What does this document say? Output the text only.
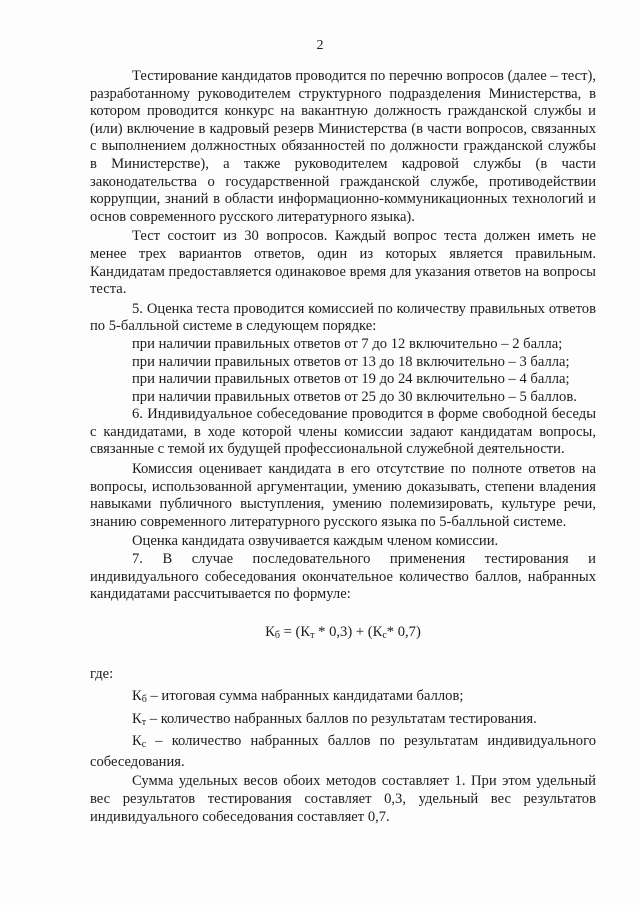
2

Тестирование кандидатов проводится по перечню вопросов (далее – тест), разработанному руководителем структурного подразделения Министерства, в котором проводится конкурс на вакантную должность гражданской службы и (или) включение в кадровый резерв Министерства (в части вопросов, связанных с выполнением должностных обязанностей по должности гражданской службы в Министерстве), а также руководителем кадровой службы (в части законодательства о государственной гражданской службе, противодействии коррупции, знаний в области информационно-коммуникационных технологий и основ современного русского литературного языка).

Тест состоит из 30 вопросов. Каждый вопрос теста должен иметь не менее трех вариантов ответов, один из которых является правильным. Кандидатам предоставляется одинаковое время для указания ответов на вопросы теста.

5. Оценка теста проводится комиссией по количеству правильных ответов по 5-балльной системе в следующем порядке:

при наличии правильных ответов от 7 до 12 включительно – 2 балла;

при наличии правильных ответов от 13 до 18 включительно – 3 балла;

при наличии правильных ответов от 19 до 24 включительно – 4 балла;

при наличии правильных ответов от 25 до 30 включительно – 5 баллов.

6. Индивидуальное собеседование проводится в форме свободной беседы с кандидатами, в ходе которой члены комиссии задают кандидатам вопросы, связанные с темой их будущей профессиональной служебной деятельности.

Комиссия оценивает кандидата в его отсутствие по полноте ответов на вопросы, использованной аргументации, умению доказывать, степени владения навыками публичного выступления, умению полемизировать, культуре речи, знанию современного литературного русского языка по 5-балльной системе.

Оценка кандидата озвучивается каждым членом комиссии.

7. В случае последовательного применения тестирования и индивидуального собеседования окончательное количество баллов, набранных кандидатами рассчитывается по формуле:

$К_б = (К_т * 0,3) + (К_с*$ 0,7)

где:

$К_б$ – итоговая сумма набранных кандидатами баллов;

$К_т$ – количество набранных баллов по результатам тестирования.

$К_с$ – количество набранных баллов по результатам индивидуального собеседования.

Сумма удельных весов обоих методов составляет 1. При этом удельный вес результатов тестирования составляет 0,3, удельный вес результатов индивидуального собеседования составляет 0,7.
